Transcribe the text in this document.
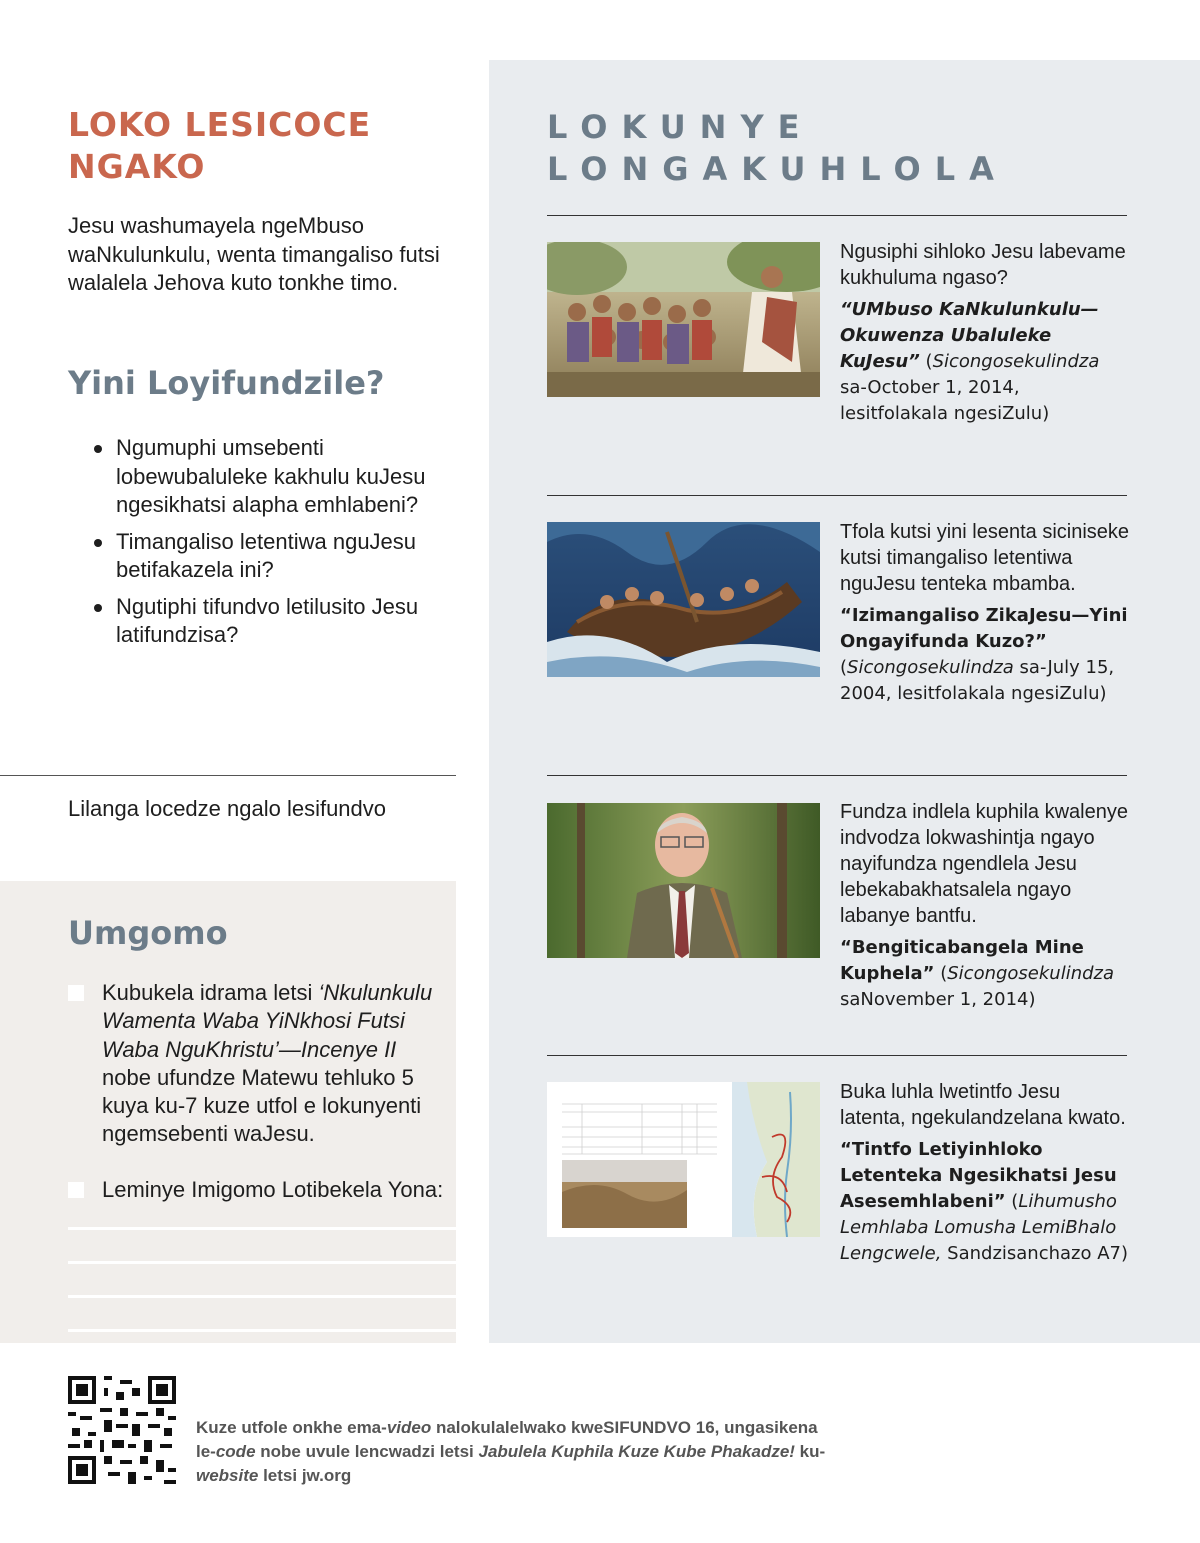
LOKO LESICOCE
NGAKO

Jesu washumayela ngeMbuso waNkulunkulu, wenta timangaliso futsi walalela Jehova kuto tonkhe timo.

Yini Loyifundzile?
Ngumuphi umsebenti lobewubaluleke kakhulu kuJesu ngesikhatsi alapha emhlabeni?
Timangaliso letentiwa nguJesu betifakazela ini?
Ngutiphi tifundvo letilusito Jesu latifundzisa?
Lilanga locedze ngalo lesifundvo
Umgomo
Kubukela idrama letsi ‘Nkulunkulu Wamenta Waba YiNkhosi Futsi Waba NguKhristu’—Incenye II nobe ufundze Matewu tehluko 5 kuya ku-7 kuze utfol e lokunyenti ngemsebenti waJesu.
Leminye Imigomo Lotibekela Yona:
LOKUNYE
LONGAKUHLOLA
Ngusiphi sihloko Jesu labevame kukhuluma ngaso?
“UMbuso KaNkulunkulu—Okuwenza Ubaluleke KuJesu” (Sicongosekulindza sa-October 1, 2014, lesitfolakala ngesiZulu)
Tfola kutsi yini lesenta siciniseke kutsi timangaliso letentiwa nguJesu tenteka mbamba.
“Izimangaliso ZikaJesu—Yini Ongayifunda Kuzo?” (Sicongosekulindza sa-July 15, 2004, lesitfolakala ngesiZulu)
Fundza indlela kuphila kwalenye indvodza lokwashintja ngayo nayifundza ngendlela Jesu lebekabakhatsalela ngayo labanye bantfu.
“Bengiticabangela Mine Kuphela” (Sicongosekulindza saNovember 1, 2014)
Buka luhla lwetintfo Jesu latenta, ngekulandzelana kwato.
“Tintfo Letiyinhloko Letenteka Ngesikhatsi Jesu Asesemhlabeni” (Lihumusho Lemhlaba Lomusha LemiBhalo Lengcwele, Sandzisanchazo A7)

Kuze utfole onkhe ema-video nalokulalelwako kweSIFUNDVO 16, ungasikena le-code nobe uvule lencwadzi letsi Jabulela Kuphila Kuze Kube Phakadze! ku-website letsi jw.org
